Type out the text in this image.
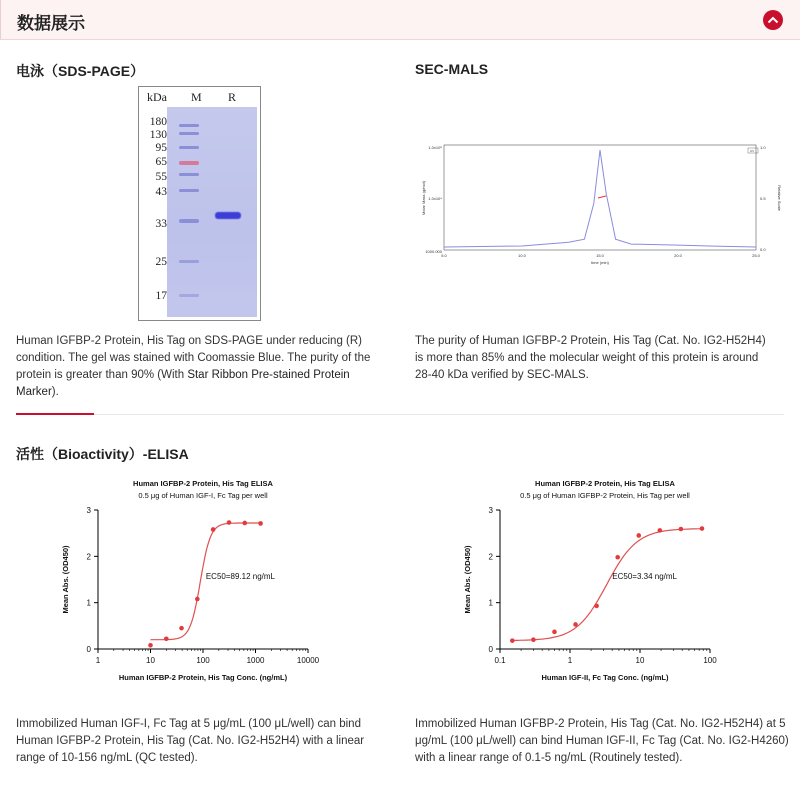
数据展示
电泳（SDS-PAGE）
kDa M R
180
130
95
65
55
43
33
25
17
Human IGFBP-2 Protein, His Tag on SDS-PAGE under reducing (R) condition. The gel was stained with Coomassie Blue. The purity of the protein is greater than 90% (With Star Ribbon Pre-stained Protein Marker).
SEC-MALS
UV
Molar Mass (g/mol)	Relative Scale
time (min)
1.0x10⁵
1.0x10⁴
1000.000
1.0
0.5
0.0
5.0	10.0	15.0	20.0	25.0
The purity of Human IGFBP-2 Protein, His Tag (Cat. No. IG2-H52H4) is more than 85% and the molecular weight of this protein is around 28-40 kDa verified by SEC-MALS.
活性（Bioactivity）-ELISA
Human IGFBP-2 Protein, His Tag ELISA
0.5 μg of Human IGF-I, Fc Tag per well
0
1
2
3
1	10	100	1000	10000
Mean Abs. (OD450)
Human IGFBP-2 Protein, His Tag Conc. (ng/mL)
EC50=89.12 ng/mL
Human IGFBP-2 Protein, His Tag ELISA
0.5 μg of Human IGFBP-2 Protein, His Tag per well
0
1
2
3
0.1	1	10	100
Mean Abs. (OD450)
Human IGF-II, Fc Tag Conc. (ng/mL)
EC50=3.34 ng/mL
Immobilized Human IGF-I, Fc Tag at 5 μg/mL (100 μL/well) can bind Human IGFBP-2 Protein, His Tag (Cat. No. IG2-H52H4) with a linear range of 10-156 ng/mL (QC tested).
Immobilized Human IGFBP-2 Protein, His Tag (Cat. No. IG2-H52H4) at 5 μg/mL (100 μL/well) can bind Human IGF-II, Fc Tag (Cat. No. IG2-H4260) with a linear range of 0.1-5 ng/mL (Routinely tested).
